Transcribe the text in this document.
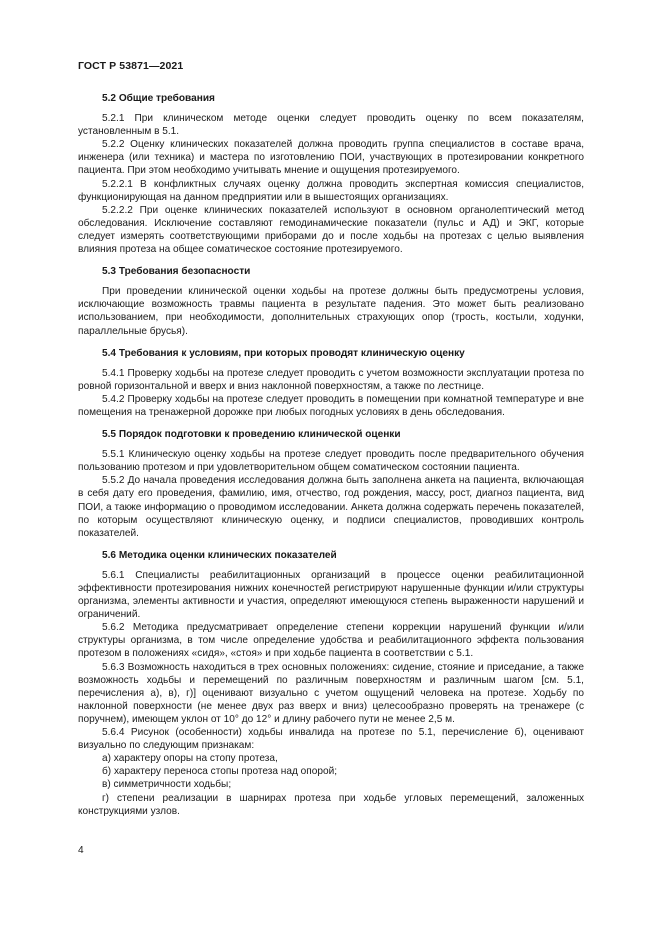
ГОСТ Р 53871—2021
5.2 Общие требования

5.2.1 При клиническом методе оценки следует проводить оценку по всем показателям, установленным в 5.1.

5.2.2 Оценку клинических показателей должна проводить группа специалистов в составе врача, инженера (или техника) и мастера по изготовлению ПОИ, участвующих в протезировании конкретного пациента. При этом необходимо учитывать мнение и ощущения протезируемого.

5.2.2.1 В конфликтных случаях оценку должна проводить экспертная комиссия специалистов, функционирующая на данном предприятии или в вышестоящих организациях.

5.2.2.2 При оценке клинических показателей используют в основном органолептический метод обследования. Исключение составляют гемодинамические показатели (пульс и АД) и ЭКГ, которые следует измерять соответствующими приборами до и после ходьбы на протезах с целью выявления влияния протеза на общее соматическое состояние протезируемого.

5.3 Требования безопасности

При проведении клинической оценки ходьбы на протезе должны быть предусмотрены условия, исключающие возможность травмы пациента в результате падения. Это может быть реализовано использованием, при необходимости, дополнительных страхующих опор (трость, костыли, ходунки, параллельные брусья).

5.4 Требования к условиям, при которых проводят клиническую оценку

5.4.1 Проверку ходьбы на протезе следует проводить с учетом возможности эксплуатации протеза по ровной горизонтальной и вверх и вниз наклонной поверхностям, а также по лестнице.

5.4.2 Проверку ходьбы на протезе следует проводить в помещении при комнатной температуре и вне помещения на тренажерной дорожке при любых погодных условиях в день обследования.

5.5 Порядок подготовки к проведению клинической оценки

5.5.1 Клиническую оценку ходьбы на протезе следует проводить после предварительного обучения пользованию протезом и при удовлетворительном общем соматическом состоянии пациента.

5.5.2 До начала проведения исследования должна быть заполнена анкета на пациента, включающая в себя дату его проведения, фамилию, имя, отчество, год рождения, массу, рост, диагноз пациента, вид ПОИ, а также информацию о проводимом исследовании. Анкета должна содержать перечень показателей, по которым осуществляют клиническую оценку, и подписи специалистов, проводивших контроль показателей.

5.6 Методика оценки клинических показателей

5.6.1 Специалисты реабилитационных организаций в процессе оценки реабилитационной эффективности протезирования нижних конечностей регистрируют нарушенные функции и/или структуры организма, элементы активности и участия, определяют имеющуюся степень выраженности нарушений и ограничений.

5.6.2 Методика предусматривает определение степени коррекции нарушений функции и/или структуры организма, в том числе определение удобства и реабилитационного эффекта пользования протезом в положениях «сидя», «стоя» и при ходьбе пациента в соответствии с 5.1.

5.6.3 Возможность находиться в трех основных положениях: сидение, стояние и приседание, а также возможность ходьбы и перемещений по различным поверхностям и различным шагом [см. 5.1, перечисления а), в), г)] оценивают визуально с учетом ощущений человека на протезе. Ходьбу по наклонной поверхности (не менее двух раз вверх и вниз) целесообразно проверять на тренажере (с поручнем), имеющем уклон от 10° до 12° и длину рабочего пути не менее 2,5 м.

5.6.4 Рисунок (особенности) ходьбы инвалида на протезе по 5.1, перечисление б), оценивают визуально по следующим признакам:

а) характеру опоры на стопу протеза,

б) характеру переноса стопы протеза над опорой;

в) симметричности ходьбы;

г) степени реализации в шарнирах протеза при ходьбе угловых перемещений, заложенных конструкциями узлов.

4
